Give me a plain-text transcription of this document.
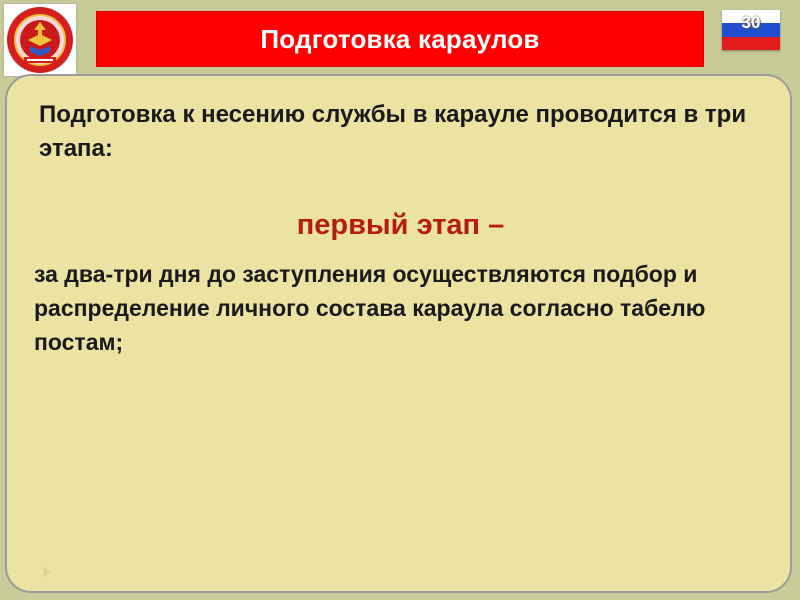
Подготовка караулов
30
Подготовка к несению службы в карауле проводится в три этапа:
первый этап –
за два-три дня до заступления осуществляются подбор и распределение личного состава караула согласно табелю постам;
